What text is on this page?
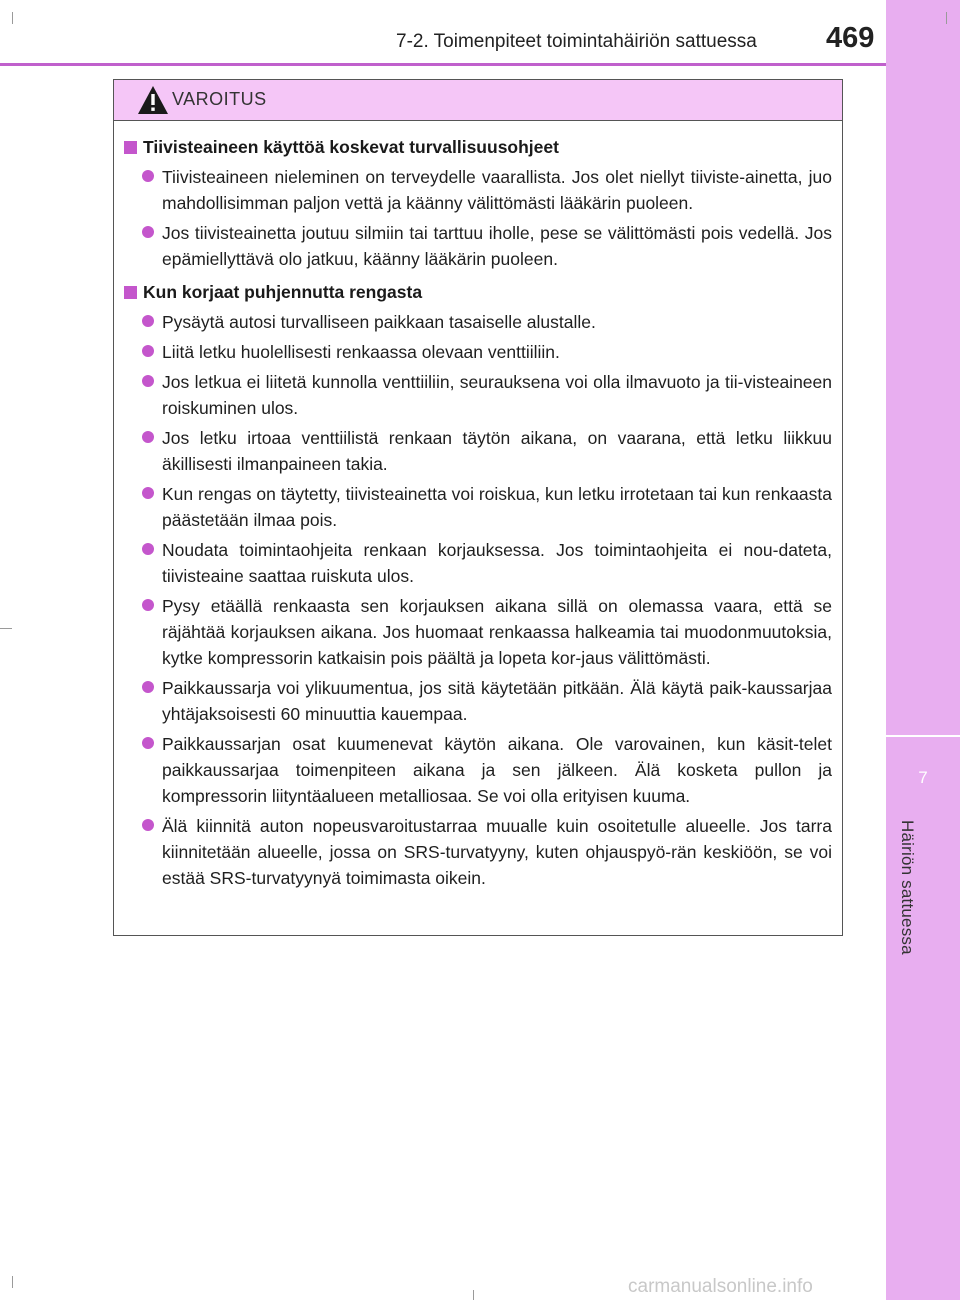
7
Häiriön sattuessa
7-2. Toimenpiteet toimintahäiriön sattuessa 469
VAROITUS
Tiivisteaineen käyttöä koskevat turvallisuusohjeet
Tiivisteaineen nieleminen on terveydelle vaarallista. Jos olet niellyt tiiviste-ainetta, juo mahdollisimman paljon vettä ja käänny välittömästi lääkärin puoleen.
Jos tiivisteainetta joutuu silmiin tai tarttuu iholle, pese se välittömästi pois vedellä. Jos epämiellyttävä olo jatkuu, käänny lääkärin puoleen.
Kun korjaat puhjennutta rengasta
Pysäytä autosi turvalliseen paikkaan tasaiselle alustalle.
Liitä letku huolellisesti renkaassa olevaan venttiiliin.
Jos letkua ei liitetä kunnolla venttiiliin, seurauksena voi olla ilmavuoto ja tii-visteaineen roiskuminen ulos.
Jos letku irtoaa venttiilistä renkaan täytön aikana, on vaarana, että letku liikkuu äkillisesti ilmanpaineen takia.
Kun rengas on täytetty, tiivisteainetta voi roiskua, kun letku irrotetaan tai kun renkaasta päästetään ilmaa pois.
Noudata toimintaohjeita renkaan korjauksessa. Jos toimintaohjeita ei nou-dateta, tiivisteaine saattaa ruiskuta ulos.
Pysy etäällä renkaasta sen korjauksen aikana sillä on olemassa vaara, että se räjähtää korjauksen aikana. Jos huomaat renkaassa halkeamia tai muodonmuutoksia, kytke kompressorin katkaisin pois päältä ja lopeta kor-jaus välittömästi.
Paikkaussarja voi ylikuumentua, jos sitä käytetään pitkään. Älä käytä paik-kaussarjaa yhtäjaksoisesti 60 minuuttia kauempaa.
Paikkaussarjan osat kuumenevat käytön aikana. Ole varovainen, kun käsit-telet paikkaussarjaa toimenpiteen aikana ja sen jälkeen. Älä kosketa pullon ja kompressorin liityntäalueen metalliosaa. Se voi olla erityisen kuuma.
Älä kiinnitä auton nopeusvaroitustarraa muualle kuin osoitetulle alueelle. Jos tarra kiinnitetään alueelle, jossa on SRS-turvatyyny, kuten ohjauspyö-rän keskiöön, se voi estää SRS-turvatyynyä toimimasta oikein.
carmanualsonline.info
